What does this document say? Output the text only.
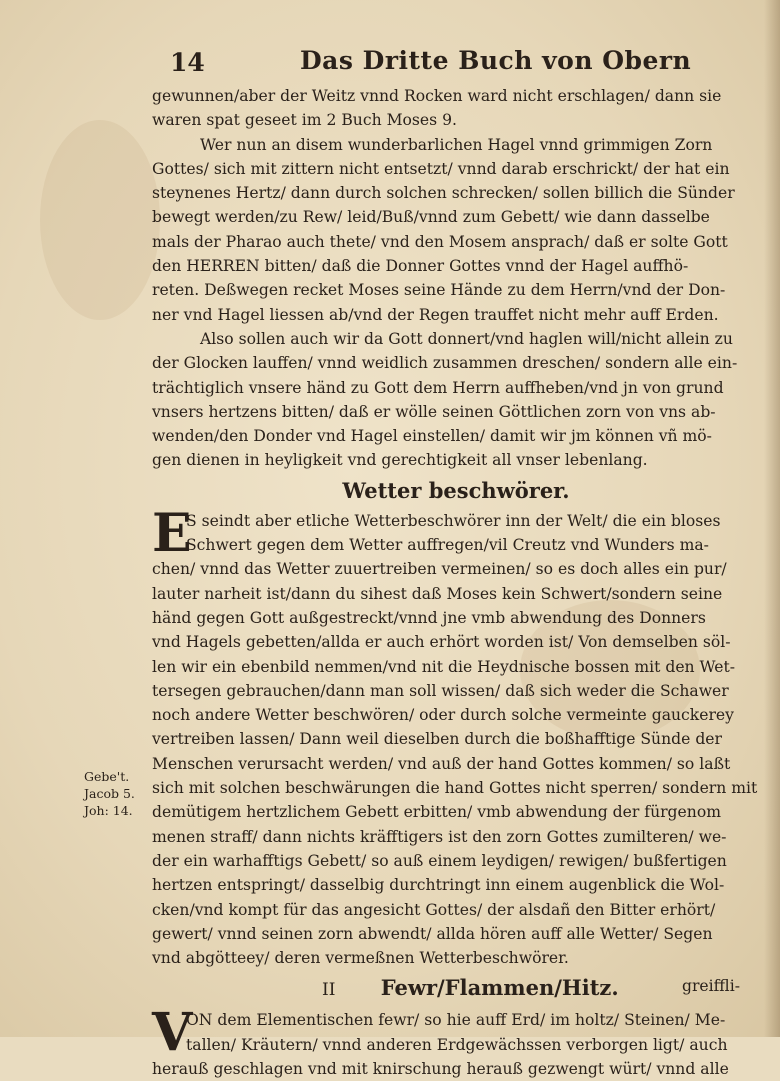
14	Das Dritte Buch von Obern

gewunnen/aber der Weitz vnnd Rocken ward nicht erschlagen/ dann sie
waren spat geseet im 2 Buch Moses 9.

Wer nun an disem wunderbarlichen Hagel vnnd grimmigen Zorn
Gottes/ sich mit zittern nicht entsetzt/ vnnd darab erschrickt/ der hat ein
steynenes Hertz/ dann durch solchen schrecken/ sollen billich die Sünder
bewegt werden/zu Rew/ leid/Buß/vnnd zum Gebett/ wie dann dasselbe
mals der Pharao auch thete/ vnd den Mosem ansprach/ daß er solte Gott
den HERREN bitten/ daß die Donner Gottes vnnd der Hagel auffhö-
reten. Deßwegen recket Moses seine Hände zu dem Herrn/vnd der Don-
ner vnd Hagel liessen ab/vnd der Regen trauffet nicht mehr auff Erden.

Also sollen auch wir da Gott donnert/vnd haglen will/nicht allein zu
der Glocken lauffen/ vnnd weidlich zusammen dreschen/ sondern alle ein-
trächtiglich vnsere händ zu Gott dem Herrn auffheben/vnd jn von grund
vnsers hertzens bitten/ daß er wölle seinen Göttlichen zorn von vns ab-
wenden/den Donder vnd Hagel einstellen/ damit wir jm können vñ mö-
gen dienen in heyligkeit vnd gerechtigkeit all vnser lebenlang.

Wetter beschwörer.
E
S seindt aber etliche Wetterbeschwörer inn der Welt/ die ein bloses
Schwert gegen dem Wetter auffregen/vil Creutz vnd Wunders ma-
chen/ vnnd das Wetter zuuertreiben vermeinen/ so es doch alles ein pur/
lauter narheit ist/dann du sihest daß Moses kein Schwert/sondern seine
händ gegen Gott außgestreckt/vnnd jne vmb abwendung des Donners
vnd Hagels gebetten/allda er auch erhört worden ist/ Von demselben söl-
len wir ein ebenbild nemmen/vnd nit die Heydnische bossen mit den Wet-
tersegen gebrauchen/dann man soll wissen/ daß sich weder die Schawer
noch andere Wetter beschwören/ oder durch solche vermeinte gauckerey
vertreiben lassen/ Dann weil dieselben durch die boßhafftige Sünde der
Menschen verursacht werden/ vnd auß der hand Gottes kommen/ so laßt
sich mit solchen beschwärungen die hand Gottes nicht sperren/ sondern mit
demütigem hertzlichem Gebett erbitten/ vmb abwendung der fürgenom
menen straff/ dann nichts kräfftigers ist den zorn Gottes zumilteren/ we-
der ein warhafftigs Gebett/ so auß einem leydigen/ rewigen/ bußfertigen
hertzen entspringt/ dasselbig durchtringt inn einem augenblick die Wol-
cken/vnd kompt für das angesicht Gottes/ der alsdañ den Bitter erhört/
gewert/ vnnd seinen zorn abwendt/ allda hören auff alle Wetter/ Segen
vnd abgötteey/ deren vermeßnen Wetterbeschwörer.
II Fewr/Flammen/Hitz.
V
ON dem Elementischen fewr/ so hie auff Erd/ im holtz/ Steinen/ Me-
tallen/ Kräutern/ vnnd anderen Erdgewächssen verborgen ligt/ auch
herauß geschlagen vnd mit knirschung herauß gezwengt würt/ vnnd alle
Gebe't.
Jacob 5.
Joh: 14.
greiffli-
